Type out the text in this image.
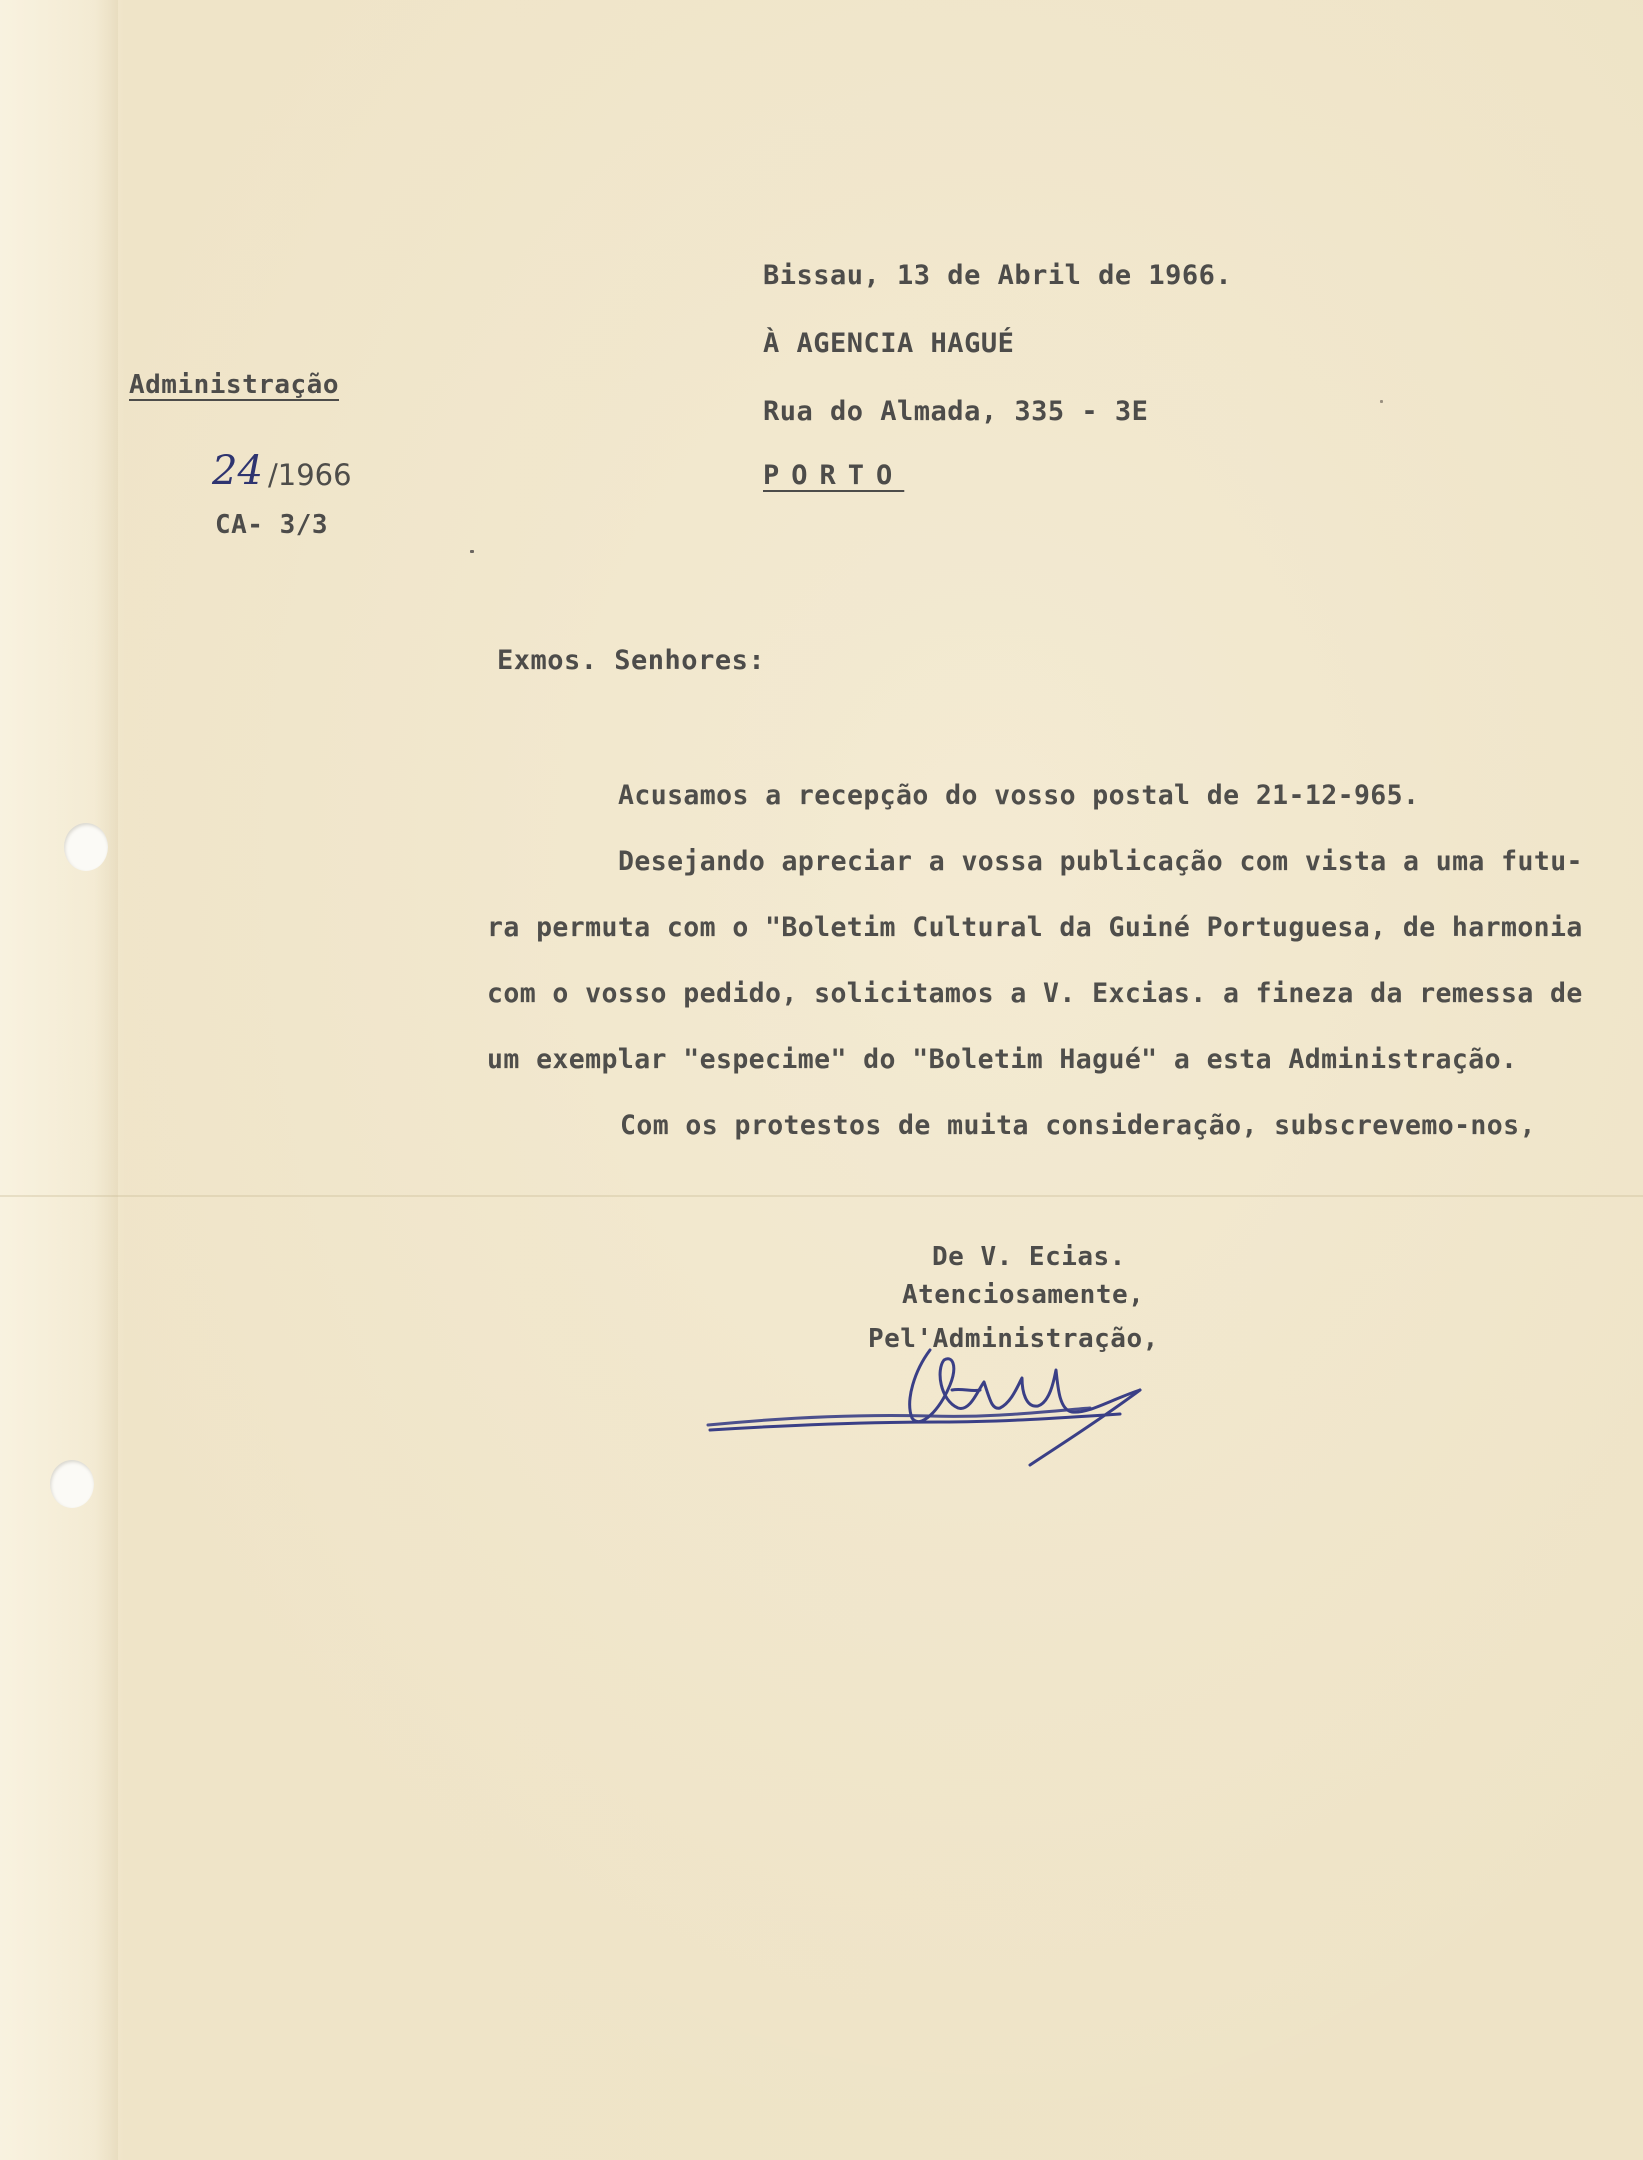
Bissau, 13 de Abril de 1966.
À AGENCIA HAGUÉ
Rua do Almada, 335 - 3E
PORTO
Administração
24 /1966
CA- 3/3
Exmos. Senhores:
Acusamos a recepção do vosso postal de 21-12-965.
Desejando apreciar a vossa publicação com vista a uma futu-
ra permuta com o "Boletim Cultural da Guiné Portuguesa, de harmonia
com o vosso pedido, solicitamos a V. Excias. a fineza da remessa de
um exemplar "especime" do "Boletim Hagué" a esta Administração.
Com os protestos de muita consideração, subscrevemo-nos,
De V. Ecias.
Atenciosamente,
Pel'Administração,
